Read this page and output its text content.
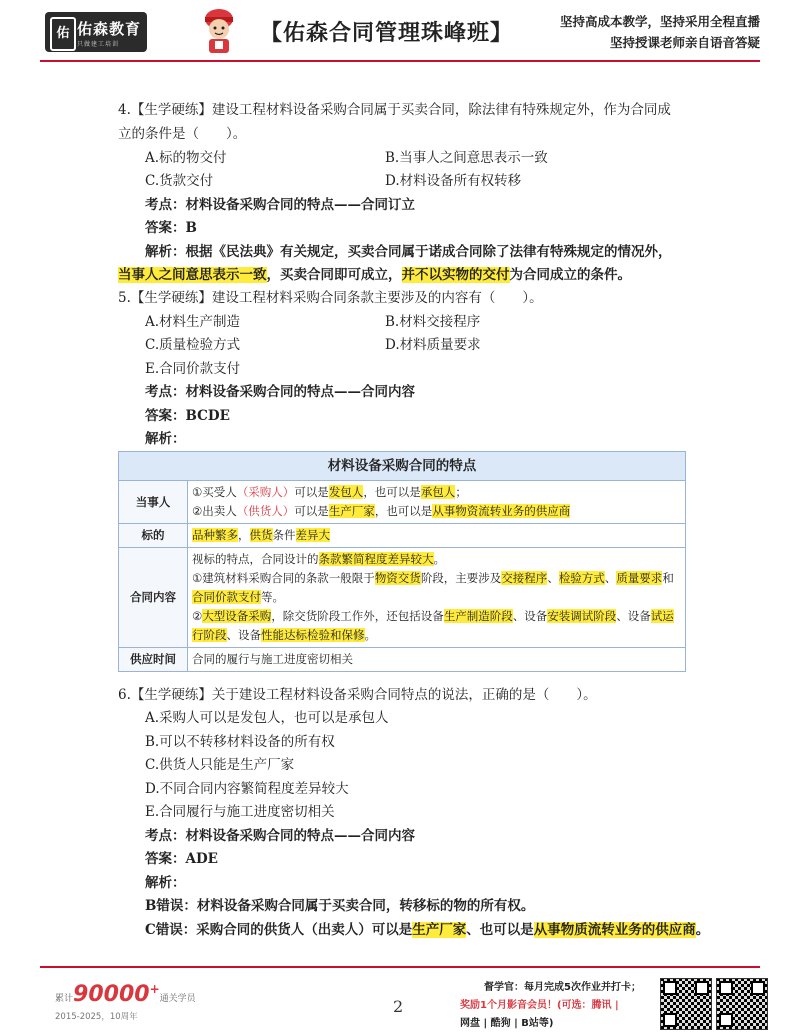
佑 佑森教育
只做建工培训	【佑森合同管理珠峰班】	坚持高成本教学，坚持采用全程直播
坚持授课老师亲自语音答疑
4.【生学硬练】建设工程材料设备采购合同属于买卖合同，除法律有特殊规定外，作为合同成
立的条件是（　　）。
A.标的物交付	B.当事人之间意思表示一致
C.货款交付	D.材料设备所有权转移
考点：材料设备采购合同的特点——合同订立
答案：B
解析：根据《民法典》有关规定，买卖合同属于诺成合同除了法律有特殊规定的情况外，
当事人之间意思表示一致，买卖合同即可成立，并不以实物的交付为合同成立的条件。
5.【生学硬练】建设工程材料采购合同条款主要涉及的内容有（　　）。
A.材料生产制造	B.材料交接程序
C.质量检验方式	D.材料质量要求
E.合同价款支付
考点：材料设备采购合同的特点——合同内容
答案：BCDE
解析：
材料设备采购合同的特点	
当事人	①买受人（采购人）可以是发包人，也可以是承包人；
②出卖人（供货人）可以是生产厂家，也可以是从事物资流转业务的供应商

标的	品种繁多，供货条件差异大
合同内容	视标的特点，合同设计的条款繁简程度差异较大。
①建筑材料采购合同的条款一般限于物资交货阶段，主要涉及交接程序、检验方式、质量要求和
合同价款支付等。
②大型设备采购，除交货阶段工作外，还包括设备生产制造阶段、设备安装调试阶段、设备试运
行阶段、设备性能达标检验和保修。

供应时间	合同的履行与施工进度密切相关
6.【生学硬练】关于建设工程材料设备采购合同特点的说法，正确的是（　　）。
A.采购人可以是发包人，也可以是承包人
B.可以不转移材料设备的所有权
C.供货人只能是生产厂家
D.不同合同内容繁简程度差异较大
E.合同履行与施工进度密切相关
考点：材料设备采购合同的特点——合同内容
答案：ADE
解析：
B错误：材料设备采购合同属于买卖合同，转移标的物的所有权。
C错误：采购合同的供货人（出卖人）可以是生产厂家、也可以是从事物质流转业务的供应商。
累计90000+通关学员
2015-2025，10周年
2
督学官：每月完成5次作业并打卡；
奖励1个月影音会员！(可选：腾讯 |
网盘 | 酷狗 | B站等)
